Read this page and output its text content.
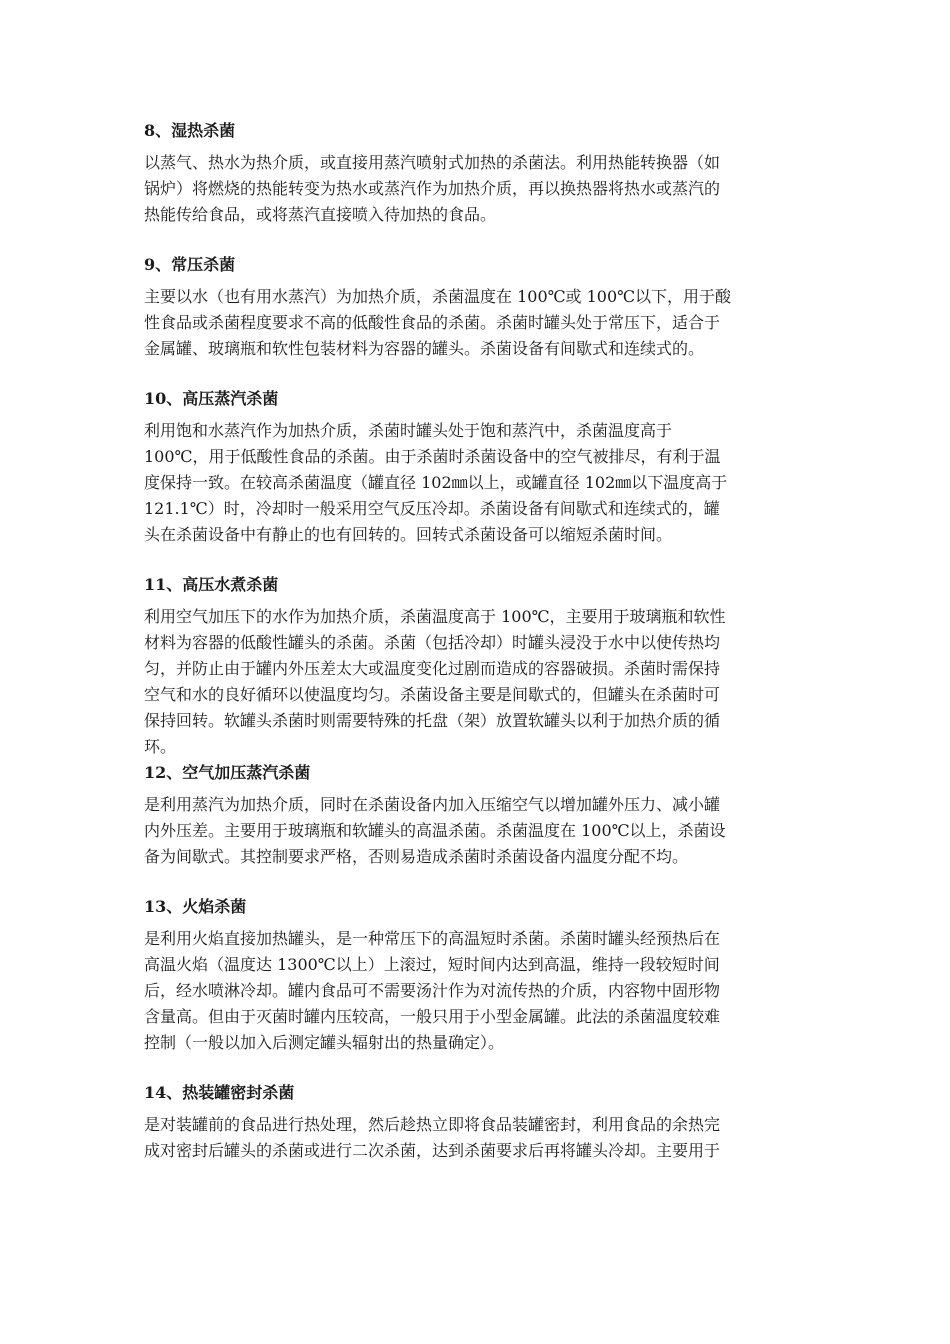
8、湿热杀菌

以蒸气、热水为热介质，或直接用蒸汽喷射式加热的杀菌法。利用热能转换器（如
锅炉）将燃烧的热能转变为热水或蒸汽作为加热介质，再以换热器将热水或蒸汽的
热能传给食品，或将蒸汽直接喷入待加热的食品。

9、常压杀菌

主要以水（也有用水蒸汽）为加热介质，杀菌温度在 100℃或 100℃以下，用于酸
性食品或杀菌程度要求不高的低酸性食品的杀菌。杀菌时罐头处于常压下，适合于
金属罐、玻璃瓶和软性包装材料为容器的罐头。杀菌设备有间歇式和连续式的。

10、高压蒸汽杀菌

利用饱和水蒸汽作为加热介质，杀菌时罐头处于饱和蒸汽中，杀菌温度高于
100℃，用于低酸性食品的杀菌。由于杀菌时杀菌设备中的空气被排尽，有利于温
度保持一致。在较高杀菌温度（罐直径 102㎜以上，或罐直径 102㎜以下温度高于
121.1℃）时，冷却时一般采用空气反压冷却。杀菌设备有间歇式和连续式的，罐
头在杀菌设备中有静止的也有回转的。回转式杀菌设备可以缩短杀菌时间。

11、高压水煮杀菌

利用空气加压下的水作为加热介质，杀菌温度高于 100℃，主要用于玻璃瓶和软性
材料为容器的低酸性罐头的杀菌。杀菌（包括冷却）时罐头浸没于水中以使传热均
匀，并防止由于罐内外压差太大或温度变化过剧而造成的容器破损。杀菌时需保持
空气和水的良好循环以使温度均匀。杀菌设备主要是间歇式的，但罐头在杀菌时可
保持回转。软罐头杀菌时则需要特殊的托盘（架）放置软罐头以利于加热介质的循
环。

12、空气加压蒸汽杀菌

是利用蒸汽为加热介质，同时在杀菌设备内加入压缩空气以增加罐外压力、减小罐
内外压差。主要用于玻璃瓶和软罐头的高温杀菌。杀菌温度在 100℃以上，杀菌设
备为间歇式。其控制要求严格，否则易造成杀菌时杀菌设备内温度分配不均。

13、火焰杀菌

是利用火焰直接加热罐头，是一种常压下的高温短时杀菌。杀菌时罐头经预热后在
高温火焰（温度达 1300℃以上）上滚过，短时间内达到高温，维持一段较短时间
后，经水喷淋冷却。罐内食品可不需要汤汁作为对流传热的介质，内容物中固形物
含量高。但由于灭菌时罐内压较高，一般只用于小型金属罐。此法的杀菌温度较难
控制（一般以加入后测定罐头辐射出的热量确定）。

14、热装罐密封杀菌

是对装罐前的食品进行热处理，然后趁热立即将食品装罐密封，利用食品的余热完
成对密封后罐头的杀菌或进行二次杀菌，达到杀菌要求后再将罐头冷却。主要用于
